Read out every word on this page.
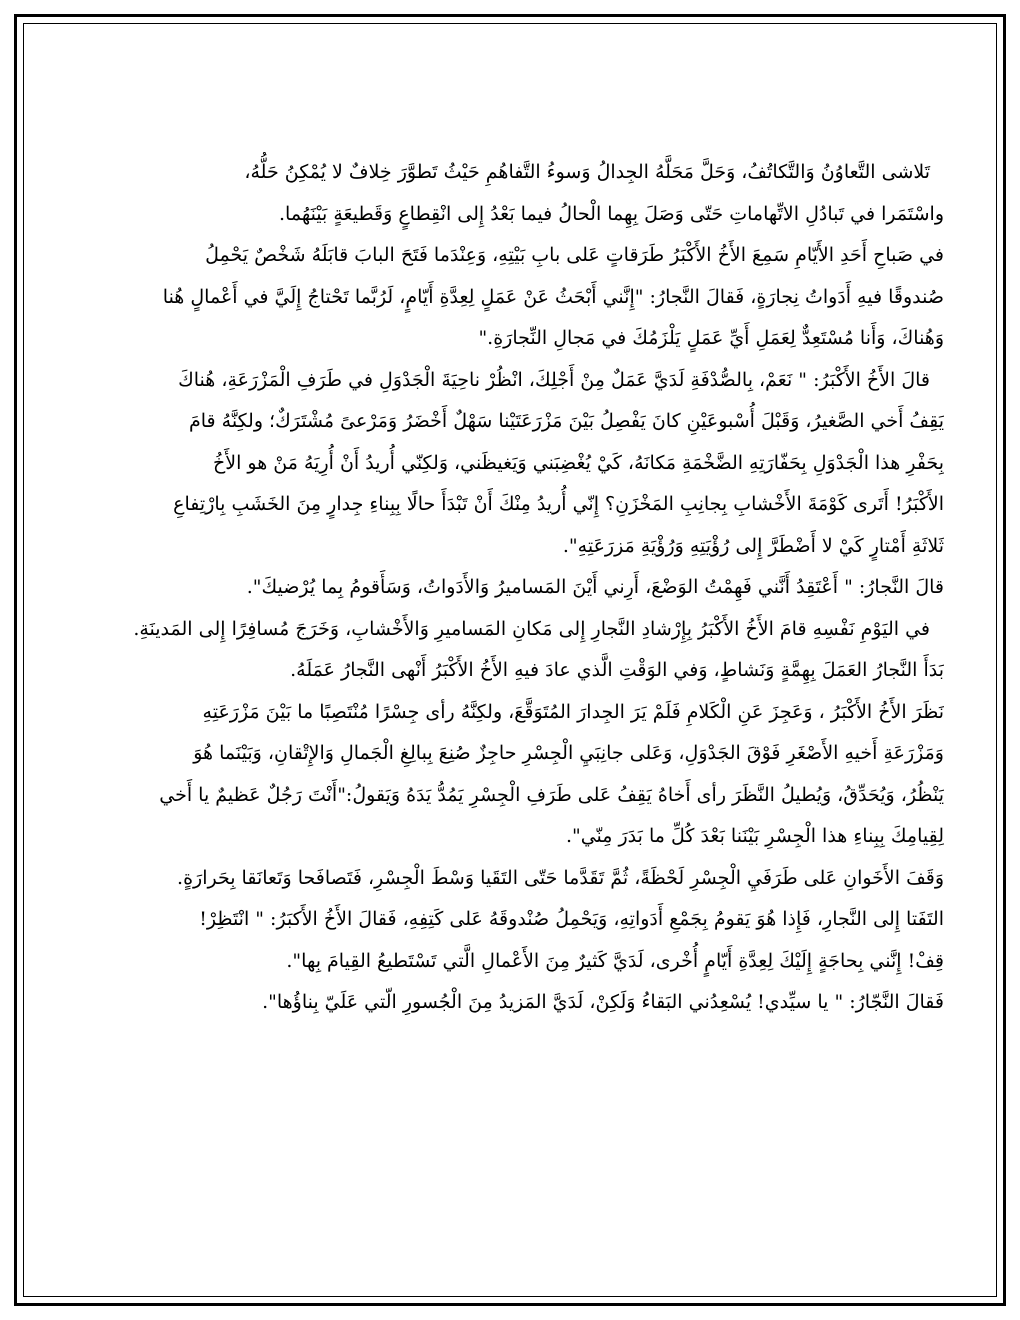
تَلاشى التَّعاوُنُ وَالتَّكاتُفُ، وَحَلَّ مَحَلَّهُ الجِدالُ وَسوءُ التَّفاهُمِ حَيْثُ تَطوَّرَ خِلافٌ لا يُمْكِنُ حَلُّهُ،
واسْتَمَرا في تَبادُلِ الاتِّهاماتِ حَتّى وَصَلَ بِهِما الْحالُ فيما بَعْدُ إِلى انْقِطاعٍ وَقَطيعَةٍ بَيْنَهُما.
في صَباحِ أَحَدِ الأَيّامِ سَمِعَ الأَخُ الأَكْبَرُ طَرَقاتٍ عَلى بابِ بَيْتِهِ، وَعِنْدَما فَتَحَ البابَ قابَلَهُ شَخْصٌ يَحْمِلُ
صُندوقًا فيهِ أَدَواتُ نِجارَةٍ، فَقالَ النَّجارُ: "إِنَّني أَبْحَثُ عَنْ عَمَلٍ لِعِدَّةِ أَيّامٍ، لَرُبَّما تَحْتاجُ إِلَيَّ في أَعْمالٍ هُنا
وَهُناكَ، وَأَنا مُسْتَعِدٌّ لِعَمَلِ أَيِّ عَمَلٍ يَلْزَمُكَ في مَجالِ النِّجارَةِ."
قالَ الأَخُ الأَكْبَرُ: " نَعَمْ، بِالصُّدْفَةِ لَدَيَّ عَمَلٌ مِنْ أَجْلِكَ، انْظُرْ ناحِيَةَ الْجَدْوَلِ في طَرَفِ الْمَزْرَعَةِ، هُناكَ
يَقِفُ أَخي الصَّغيرُ، وَقَبْلَ أُسْبوعَيْنِ كانَ يَفْصِلُ بَيْنَ مَزْرَعَتَيْنا سَهْلٌ أَخْضَرُ وَمَرْعىً مُشْتَرَكٌ؛ ولكِنَّهُ قامَ
بِحَفْرِ هذا الْجَدْوَلِ بِحَفّارَتِهِ الضَّخْمَةِ مَكانَهُ، كَيْ يُغْضِبَني وَيَغيظَني، وَلكِنّي أُريدُ أَنْ أُرِيَهُ مَنْ هو الأَخُ
الأَكْبَرُ! أَتَرى كَوْمَةَ الأَخْشابِ بِجانِبِ المَخْزَنِ؟ إِنّي أُريدُ مِنْكَ أَنْ تَبْدَأَ حالًا بِبِناءِ جِدارٍ مِنَ الخَشَبِ بِارْتِفاعِ
ثَلاثَةِ أَمْتارٍ كَيْ لا أَضْطَرَّ إِلى رُؤْيَتِهِ وَرُؤْيَةِ مَزرَعَتِهِ".
قالَ النَّجارُ: " أَعْتَقِدُ أَنَّني فَهِمْتُ الوَضْعَ، أَرِني أَيْنَ المَساميرُ وَالأَدَواتُ، وَسَأَقومُ بِما يُرْضيكَ".
في اليَوْمِ نَفْسِهِ قامَ الأَخُ الأَكْبَرُ بِإِرْشادِ النَّجارِ إِلى مَكانِ المَساميرِ وَالأَخْشابِ، وَخَرَجَ مُسافِرًا إِلى المَدينَةِ.
بَدَأَ النَّجارُ العَمَلَ بِهِمَّةٍ وَنَشاطٍ، وَفي الوَقْتِ الَّذي عادَ فيهِ الأَخُ الأَكْبَرُ أَنْهى النَّجارُ عَمَلَهُ.
نَظَرَ الأَخُ الأَكْبَرُ ، وَعَجِزَ عَنِ الْكَلامِ فَلَمْ يَرَ الجِدارَ المُتَوَقَّعَ، ولكِنَّهُ رأى جِسْرًا مُنْتَصِبًا ما بَيْنَ مَزْرَعَتِهِ
وَمَزْرَعَةِ أَخيهِ الأَصْغَرِ فَوْقَ الجَدْوَلِ، وَعَلى جانِبَيِ الْجِسْرِ حاجِزٌ صُنِعَ بِبالِغِ الْجَمالِ وَالإِتْقانِ، وَبَيْنَما هُوَ
يَنْظُرُ، وَيُحَدِّقُ، وَيُطيلُ النَّظَرَ رأى أَخاهُ يَقِفُ عَلى طَرَفِ الْجِسْرِ يَمُدُّ يَدَهُ وَيَقولُ:"أَنْتَ رَجُلٌ عَظيمٌ يا أَخي
لِقِيامِكَ بِبِناءِ هذا الْجِسْرِ بَيْنَنا بَعْدَ كُلِّ ما بَدَرَ مِنّي".
وَقَفَ الأَخَوانِ عَلى طَرَفَيِ الْجِسْرِ لَحْظَةً، ثُمَّ تَقَدَّما حَتّى التَقَيا وَسْطَ الْجِسْرِ، فَتَصافَحا وَتَعانَقا بِحَرارَةٍ.
التَفَتا إِلى النَّجارِ، فَإِذا هُوَ يَقومُ بِجَمْعِ أَدَواتِهِ، وَيَحْمِلُ صُنْدوقَهُ عَلى كَتِفِهِ، فَقالَ الأَخُ الأَكبَرُ: " انْتَظِرْ!
قِفْ! إِنَّني بِحاجَةٍ إِلَيْكَ لِعِدَّةِ أَيّامٍ أُخْرى، لَدَيَّ كَثيرٌ مِنَ الأَعْمالِ الَّتي تَسْتَطيعُ القِيامَ بِها".
فَقالَ النَّجّارُ: " يا سيِّدي! يُسْعِدُني البَقاءُ وَلَكِنْ، لَدَيَّ المَزيدُ مِنَ الْجُسورِ الّتي عَلَيّ بِناؤُها".
